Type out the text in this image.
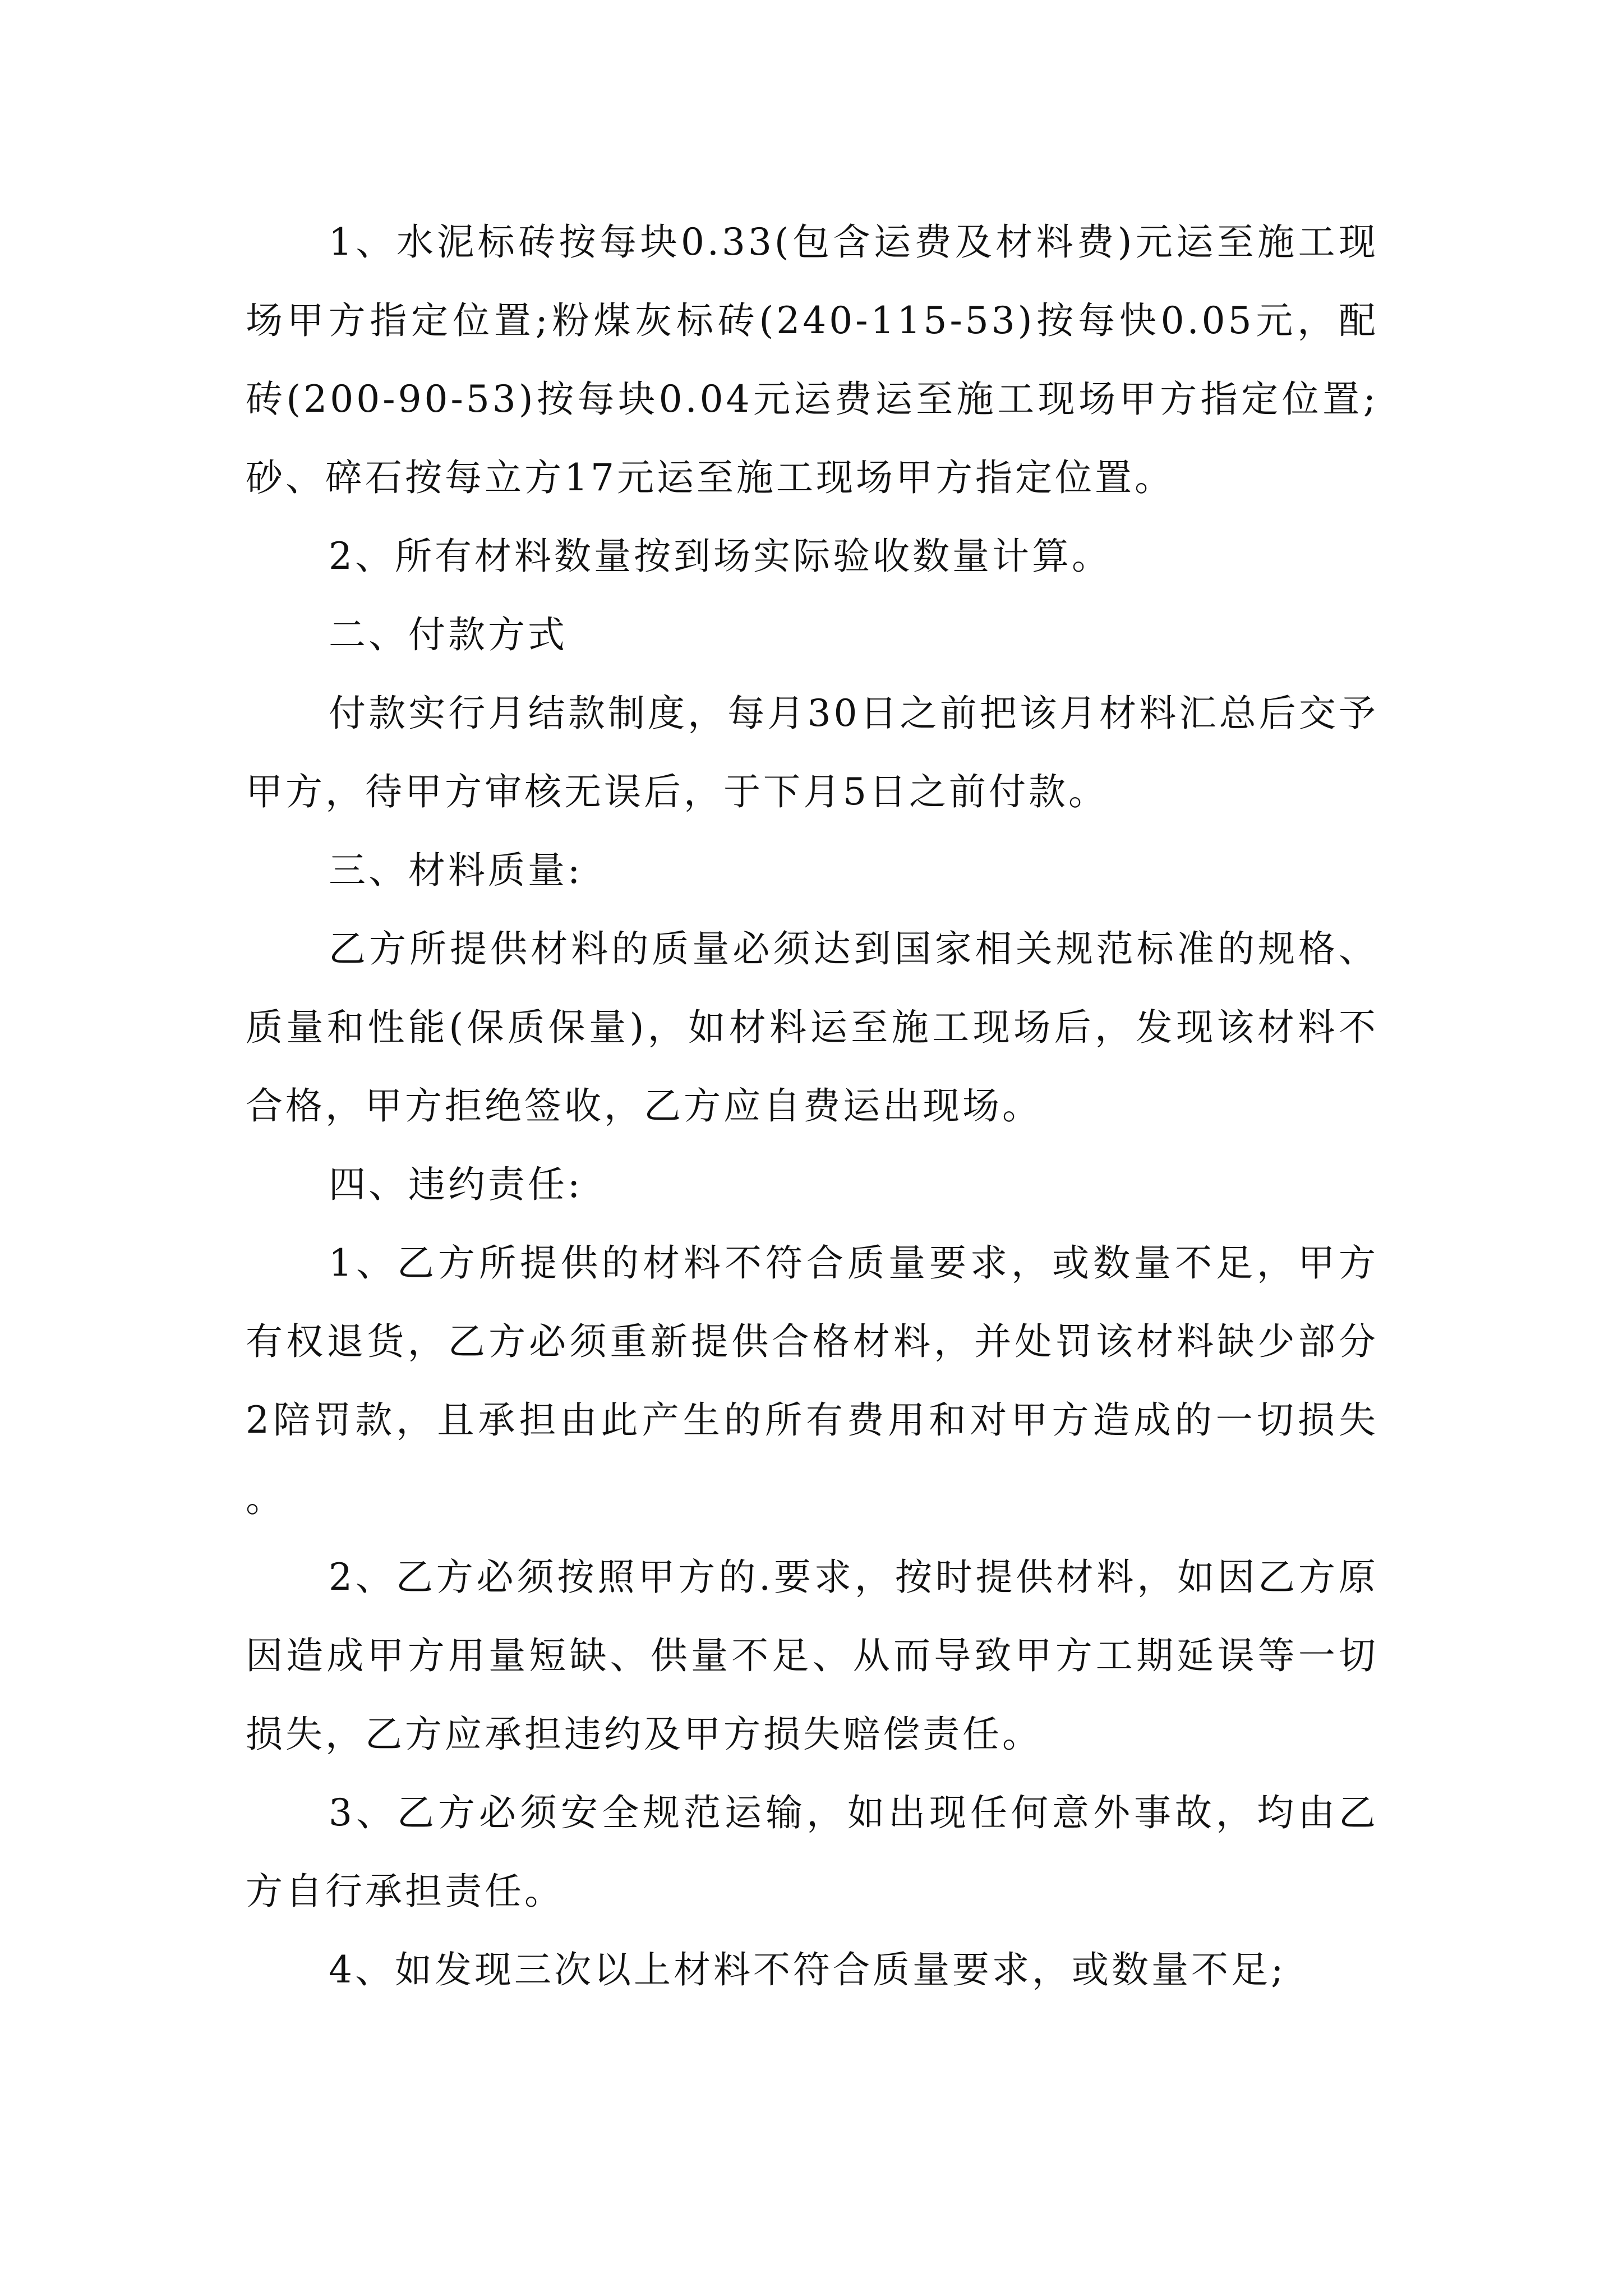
1、水泥标砖按每块0.33(包含运费及材料费)元运至施工现场甲方指定位置;粉煤灰标砖(240-115-53)按每快0.05元，配砖(200-90-53)按每块0.04元运费运至施工现场甲方指定位置;砂、碎石按每立方17元运至施工现场甲方指定位置。

2、所有材料数量按到场实际验收数量计算。

二、付款方式

付款实行月结款制度，每月30日之前把该月材料汇总后交予甲方，待甲方审核无误后，于下月5日之前付款。

三、材料质量:

乙方所提供材料的质量必须达到国家相关规范标准的规格、质量和性能(保质保量)，如材料运至施工现场后，发现该材料不合格，甲方拒绝签收，乙方应自费运出现场。

四、违约责任:

1、乙方所提供的材料不符合质量要求，或数量不足，甲方有权退货，乙方必须重新提供合格材料，并处罚该材料缺少部分2陪罚款，且承担由此产生的所有费用和对甲方造成的一切损失。

2、乙方必须按照甲方的.要求，按时提供材料，如因乙方原因造成甲方用量短缺、供量不足、从而导致甲方工期延误等一切损失，乙方应承担违约及甲方损失赔偿责任。

3、乙方必须安全规范运输，如出现任何意外事故，均由乙方自行承担责任。

4、如发现三次以上材料不符合质量要求，或数量不足;
